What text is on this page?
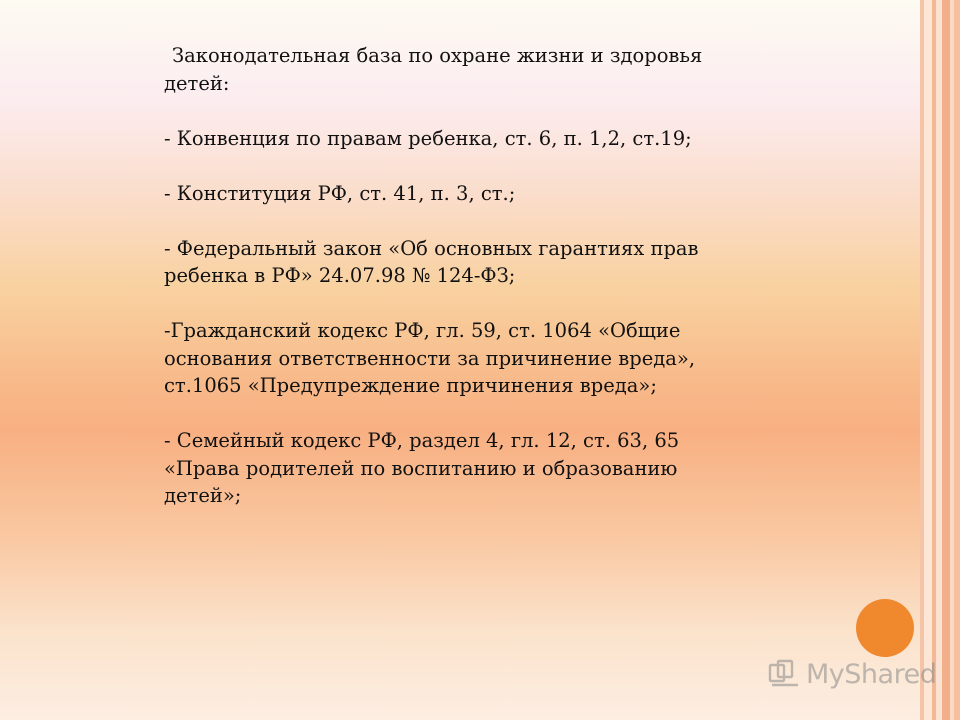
Законодательная база по охране жизни и здоровья детей:

- Конвенция по правам ребенка, ст. 6, п. 1,2, ст.19;

- Конституция РФ, ст. 41, п. 3, ст.;

- Федеральный закон «Об основных гарантиях прав ребенка в РФ» 24.07.98 № 124-ФЗ;

-Гражданский кодекс РФ, гл. 59, ст. 1064 «Общие основания ответственности за причинение вреда», ст.1065 «Предупреждение причинения вреда»;

- Семейный кодекс РФ, раздел 4, гл. 12, ст. 63, 65 «Права родителей по воспитанию и образованию детей»;

MyShared
